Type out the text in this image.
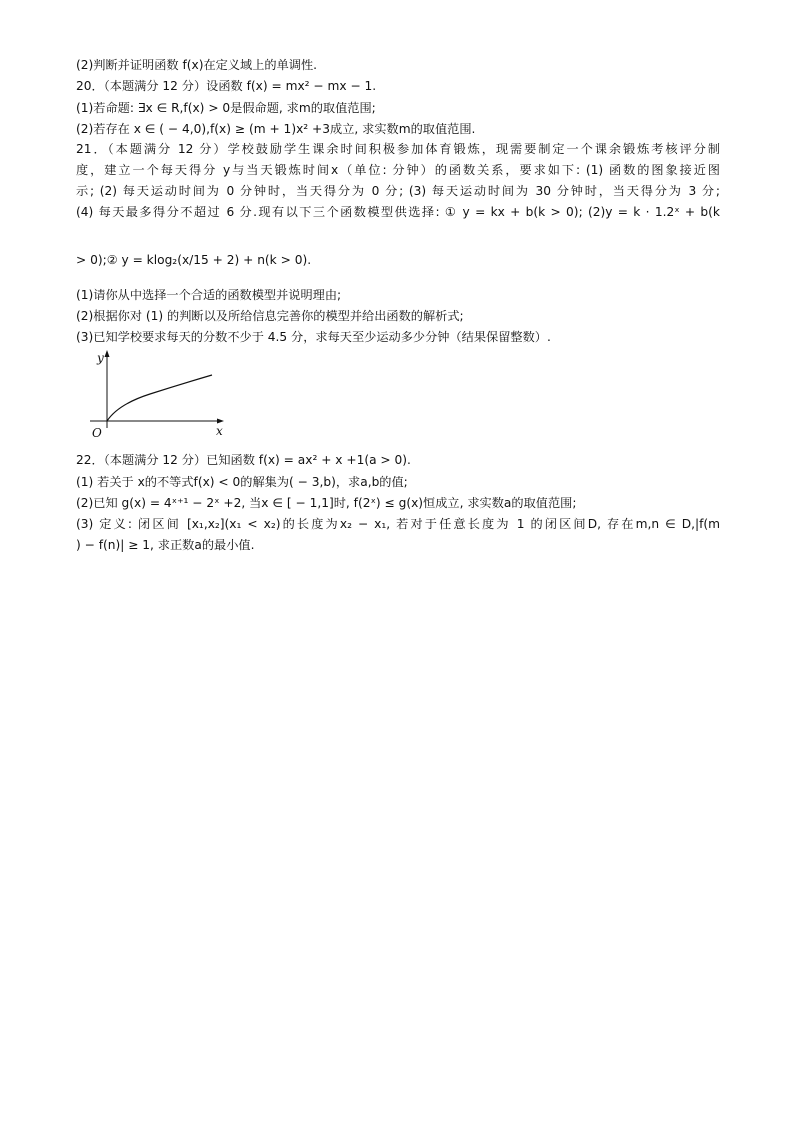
(2)判断并证明函数 f(x)在定义域上的单调性.
20．（本题满分 12 分）设函数 f(x) = mx² − mx − 1.
(1)若命题: ∃x ∈ R,f(x) > 0是假命题, 求m的取值范围;
(2)若存在 x ∈ ( − 4,0),f(x) ≥ (m + 1)x² +3成立, 求实数m的取值范围.
21．（本题满分 12 分）学校鼓励学生课余时间积极参加体育锻炼，现需要制定一个课余锻炼考核评分制
度，建立一个每天得分 y与当天锻炼时间x（单位: 分钟）的函数关系，要求如下: (1) 函数的图象接近图
示; (2) 每天运动时间为 0 分钟时，当天得分为 0 分; (3) 每天运动时间为 30 分钟时，当天得分为 3 分;
(4) 每天最多得分不超过 6 分.现有以下三个函数模型供选择: ① y = kx + b(k > 0); (2)y = k · 1.2ˣ + b(k
> 0);② y = klog₂(x/15 + 2) + n(k > 0).
(1)请你从中选择一个合适的函数模型并说明理由;
(2)根据你对 (1) 的判断以及所给信息完善你的模型并给出函数的解析式;
(3)已知学校要求每天的分数不少于 4.5 分，求每天至少运动多少分钟（结果保留整数）.
y
x
O
22．（本题满分 12 分）已知函数 f(x) = ax² + x +1(a > 0).
(1) 若关于 x的不等式f(x) < 0的解集为( − 3,b)，求a,b的值;
(2)已知 g(x) = 4ˣ⁺¹ − 2ˣ +2, 当x ∈ [ − 1,1]时, f(2ˣ) ≤ g(x)恒成立, 求实数a的取值范围;
(3) 定义: 闭区间 [x₁,x₂](x₁ < x₂)的长度为x₂ − x₁, 若对于任意长度为 1 的闭区间D, 存在m,n ∈ D,|f(m
) − f(n)| ≥ 1, 求正数a的最小值.
